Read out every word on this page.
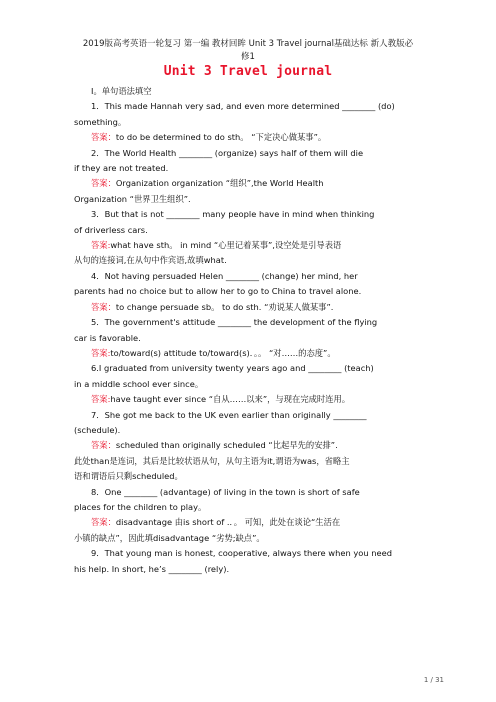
2019版高考英语一轮复习 第一编 教材回眸 Unit 3 Travel journal基础达标 新人教版必
修1
Unit 3 Travel journal
Ⅰ。单句语法填空
1．This made Hannah very sad, and even more determined ________ (do)
something。
答案：to do be determined to do sth。 “下定决心做某事”。
2．The World Health ________ (organize) says half of them will die
if they are not treated.
答案：Organization organization “组织”,the World Health
Organization “世界卫生组织”.
3．But that is not ________ many people have in mind when thinking
of driverless cars.
答案:what have sth。 in mind “心里记着某事”,设空处是引导表语
从句的连接词,在从句中作宾语,故填what.
4．Not having persuaded Helen ________ (change) her mind, her
parents had no choice but to allow her to go to China to travel alone.
答案：to change persuade sb。 to do sth. “劝说某人做某事”.
5．The government's attitude ________ the development of the flying
car is favorable.
答案:to/toward(s) attitude to/toward(s)．。。 “对……的态度”。
6.I graduated from university twenty years ago and ________ (teach)
in a middle school ever since。
答案:have taught ever since “自从……以来”，与现在完成时连用。
7．She got me back to the UK even earlier than originally ________
(schedule).
答案：scheduled than originally scheduled “比起早先的安排”.
此处than是连词，其后是比较状语从句，从句主语为it,谓语为was，省略主
语和谓语后只剩scheduled。
8．One ________ (advantage) of living in the town is short of safe
places for the children to play。
答案：disadvantage 由is short of .．。 可知，此处在谈论“生活在
小镇的缺点”，因此填disadvantage “劣势;缺点”。
9．That young man is honest, cooperative, always there when you need
his help. In short, he’s ________ (rely).
1 / 31
